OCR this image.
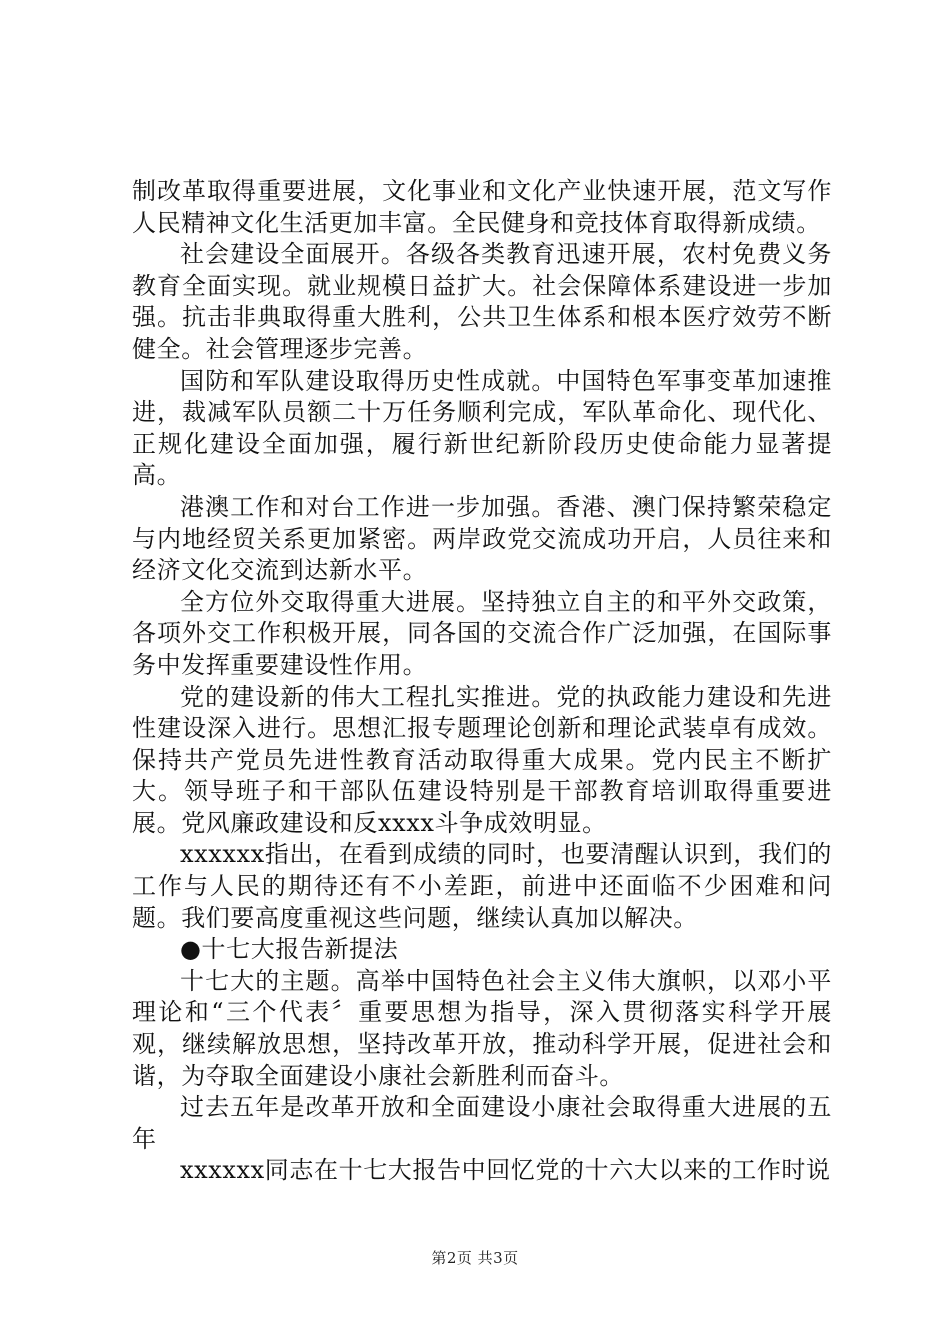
制改革取得重要进展，文化事业和文化产业快速开展，范文写作人民精神文化生活更加丰富。全民健身和竞技体育取得新成绩。

社会建设全面展开。各级各类教育迅速开展，农村免费义务教育全面实现。就业规模日益扩大。社会保障体系建设进一步加强。抗击非典取得重大胜利，公共卫生体系和根本医疗效劳不断健全。社会管理逐步完善。

国防和军队建设取得历史性成就。中国特色军事变革加速推进，裁减军队员额二十万任务顺利完成，军队革命化、现代化、正规化建设全面加强，履行新世纪新阶段历史使命能力显著提高。

港澳工作和对台工作进一步加强。香港、澳门保持繁荣稳定与内地经贸关系更加紧密。两岸政党交流成功开启，人员往来和经济文化交流到达新水平。

全方位外交取得重大进展。坚持独立自主的和平外交政策，各项外交工作积极开展，同各国的交流合作广泛加强，在国际事务中发挥重要建设性作用。

党的建设新的伟大工程扎实推进。党的执政能力建设和先进性建设深入进行。思想汇报专题理论创新和理论武装卓有成效。保持共产党员先进性教育活动取得重大成果。党内民主不断扩大。领导班子和干部队伍建设特别是干部教育培训取得重要进展。党风廉政建设和反xxxx斗争成效明显。

xxxxxx指出，在看到成绩的同时，也要清醒认识到，我们的工作与人民的期待还有不小差距，前进中还面临不少困难和问题。我们要高度重视这些问题，继续认真加以解决。

●十七大报告新提法

十七大的主题。高举中国特色社会主义伟大旗帜，以邓小平理论和“三个代表〞重要思想为指导，深入贯彻落实科学开展观，继续解放思想，坚持改革开放，推动科学开展，促进社会和谐，为夺取全面建设小康社会新胜利而奋斗。

过去五年是改革开放和全面建设小康社会取得重大进展的五年

xxxxxx同志在十七大报告中回忆党的十六大以来的工作时说

第2页 共3页
